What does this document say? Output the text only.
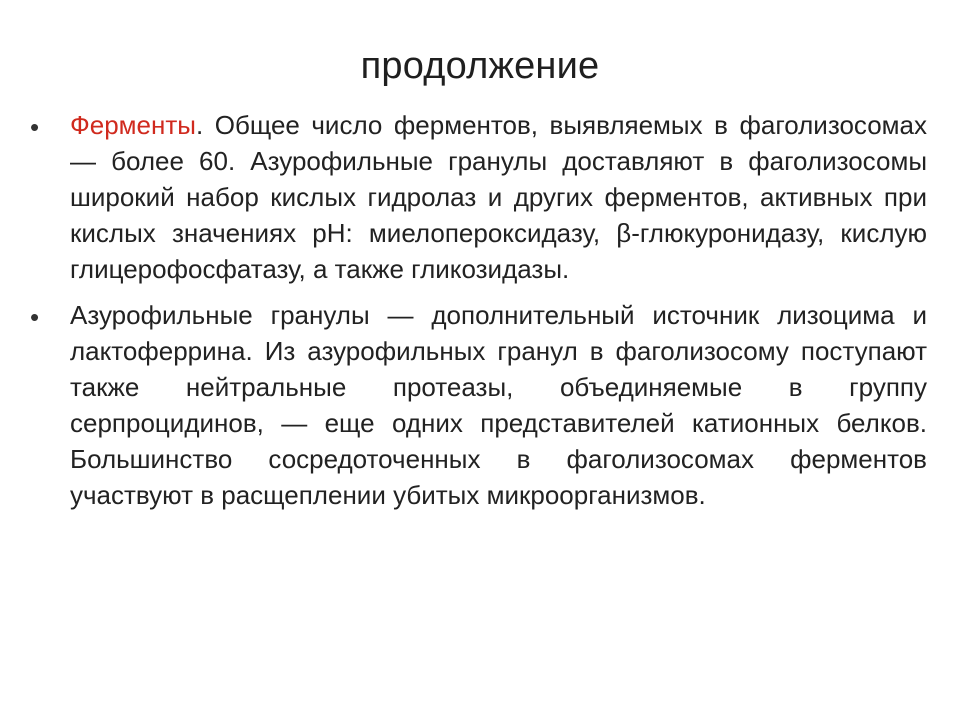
продолжение
• Ферменты. Общее число ферментов, выявляемых в фаголизосомах — более 60. Азурофильные гранулы доставляют в фаголизосомы широкий набор кислых гидролаз и других ферментов, активных при кислых значениях pH: миелопероксидазу, β-глюкуронидазу, кислую глицерофосфатазу, а также гликозидазы.
• Азурофильные гранулы — дополнительный источник лизоцима и лактоферрина. Из азурофильных гранул в фаголизосому поступают также нейтральные протеазы, объединяемые в группу серпроцидинов, — еще одних представителей катионных белков. Большинство сосредоточенных в фаголизосомах ферментов участвуют в расщеплении убитых микроорганизмов.
